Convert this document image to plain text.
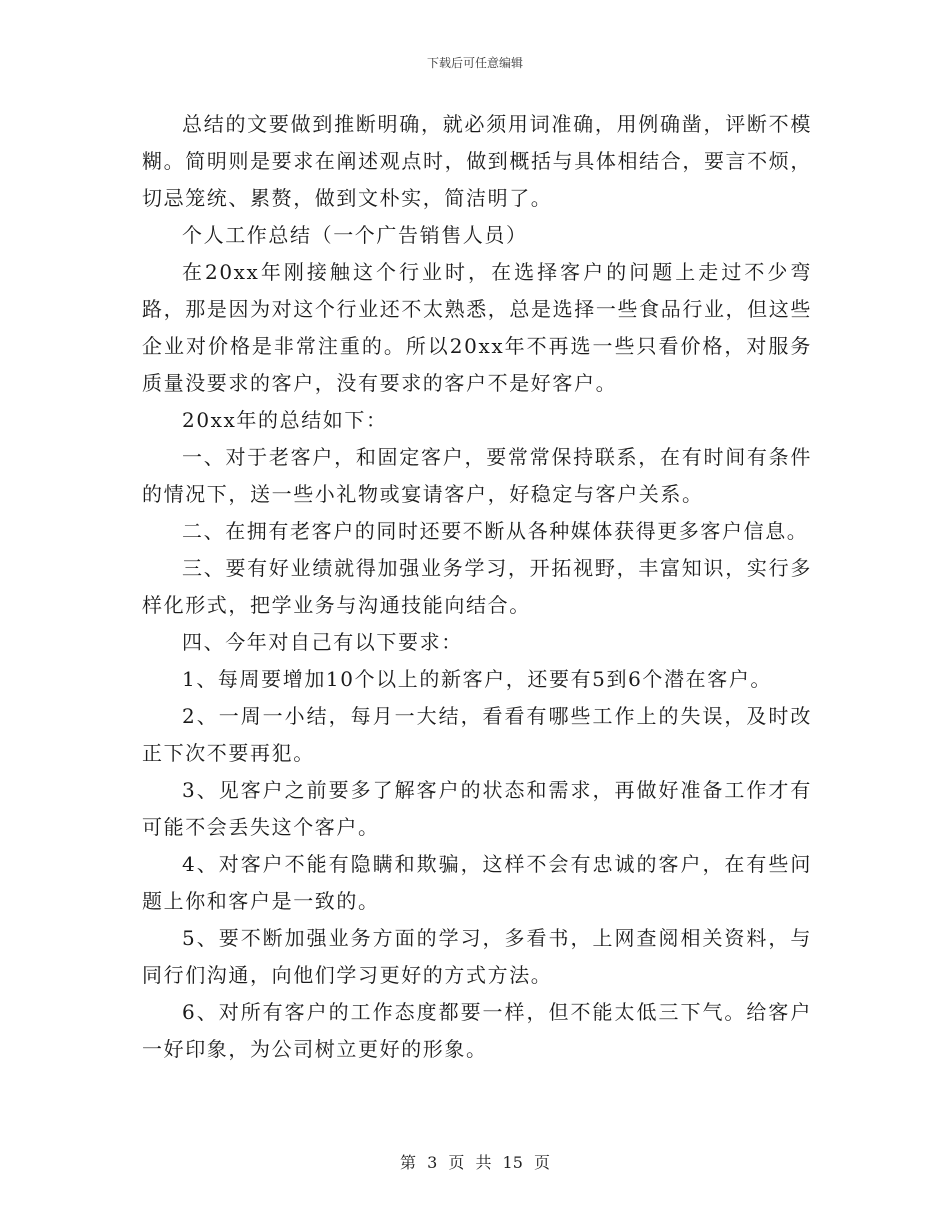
下载后可任意编辑

总结的文要做到推断明确，就必须用词准确，用例确凿，评断不模糊。简明则是要求在阐述观点时，做到概括与具体相结合，要言不烦，切忌笼统、累赘，做到文朴实，简洁明了。

个人工作总结（一个广告销售人员）

在20xx年刚接触这个行业时，在选择客户的问题上走过不少弯路，那是因为对这个行业还不太熟悉，总是选择一些食品行业，但这些企业对价格是非常注重的。所以20xx年不再选一些只看价格，对服务质量没要求的客户，没有要求的客户不是好客户。

20xx年的总结如下：

一、对于老客户，和固定客户，要常常保持联系，在有时间有条件的情况下，送一些小礼物或宴请客户，好稳定与客户关系。

二、在拥有老客户的同时还要不断从各种媒体获得更多客户信息。

三、要有好业绩就得加强业务学习，开拓视野，丰富知识，实行多样化形式，把学业务与沟通技能向结合。

四、今年对自己有以下要求：

1、每周要增加10个以上的新客户，还要有5到6个潜在客户。

2、一周一小结，每月一大结，看看有哪些工作上的失误，及时改正下次不要再犯。

3、见客户之前要多了解客户的状态和需求，再做好准备工作才有可能不会丢失这个客户。

4、对客户不能有隐瞒和欺骗，这样不会有忠诚的客户，在有些问题上你和客户是一致的。

5、要不断加强业务方面的学习，多看书，上网查阅相关资料，与同行们沟通，向他们学习更好的方式方法。

6、对所有客户的工作态度都要一样，但不能太低三下气。给客户一好印象，为公司树立更好的形象。

第 3 页 共 15 页
